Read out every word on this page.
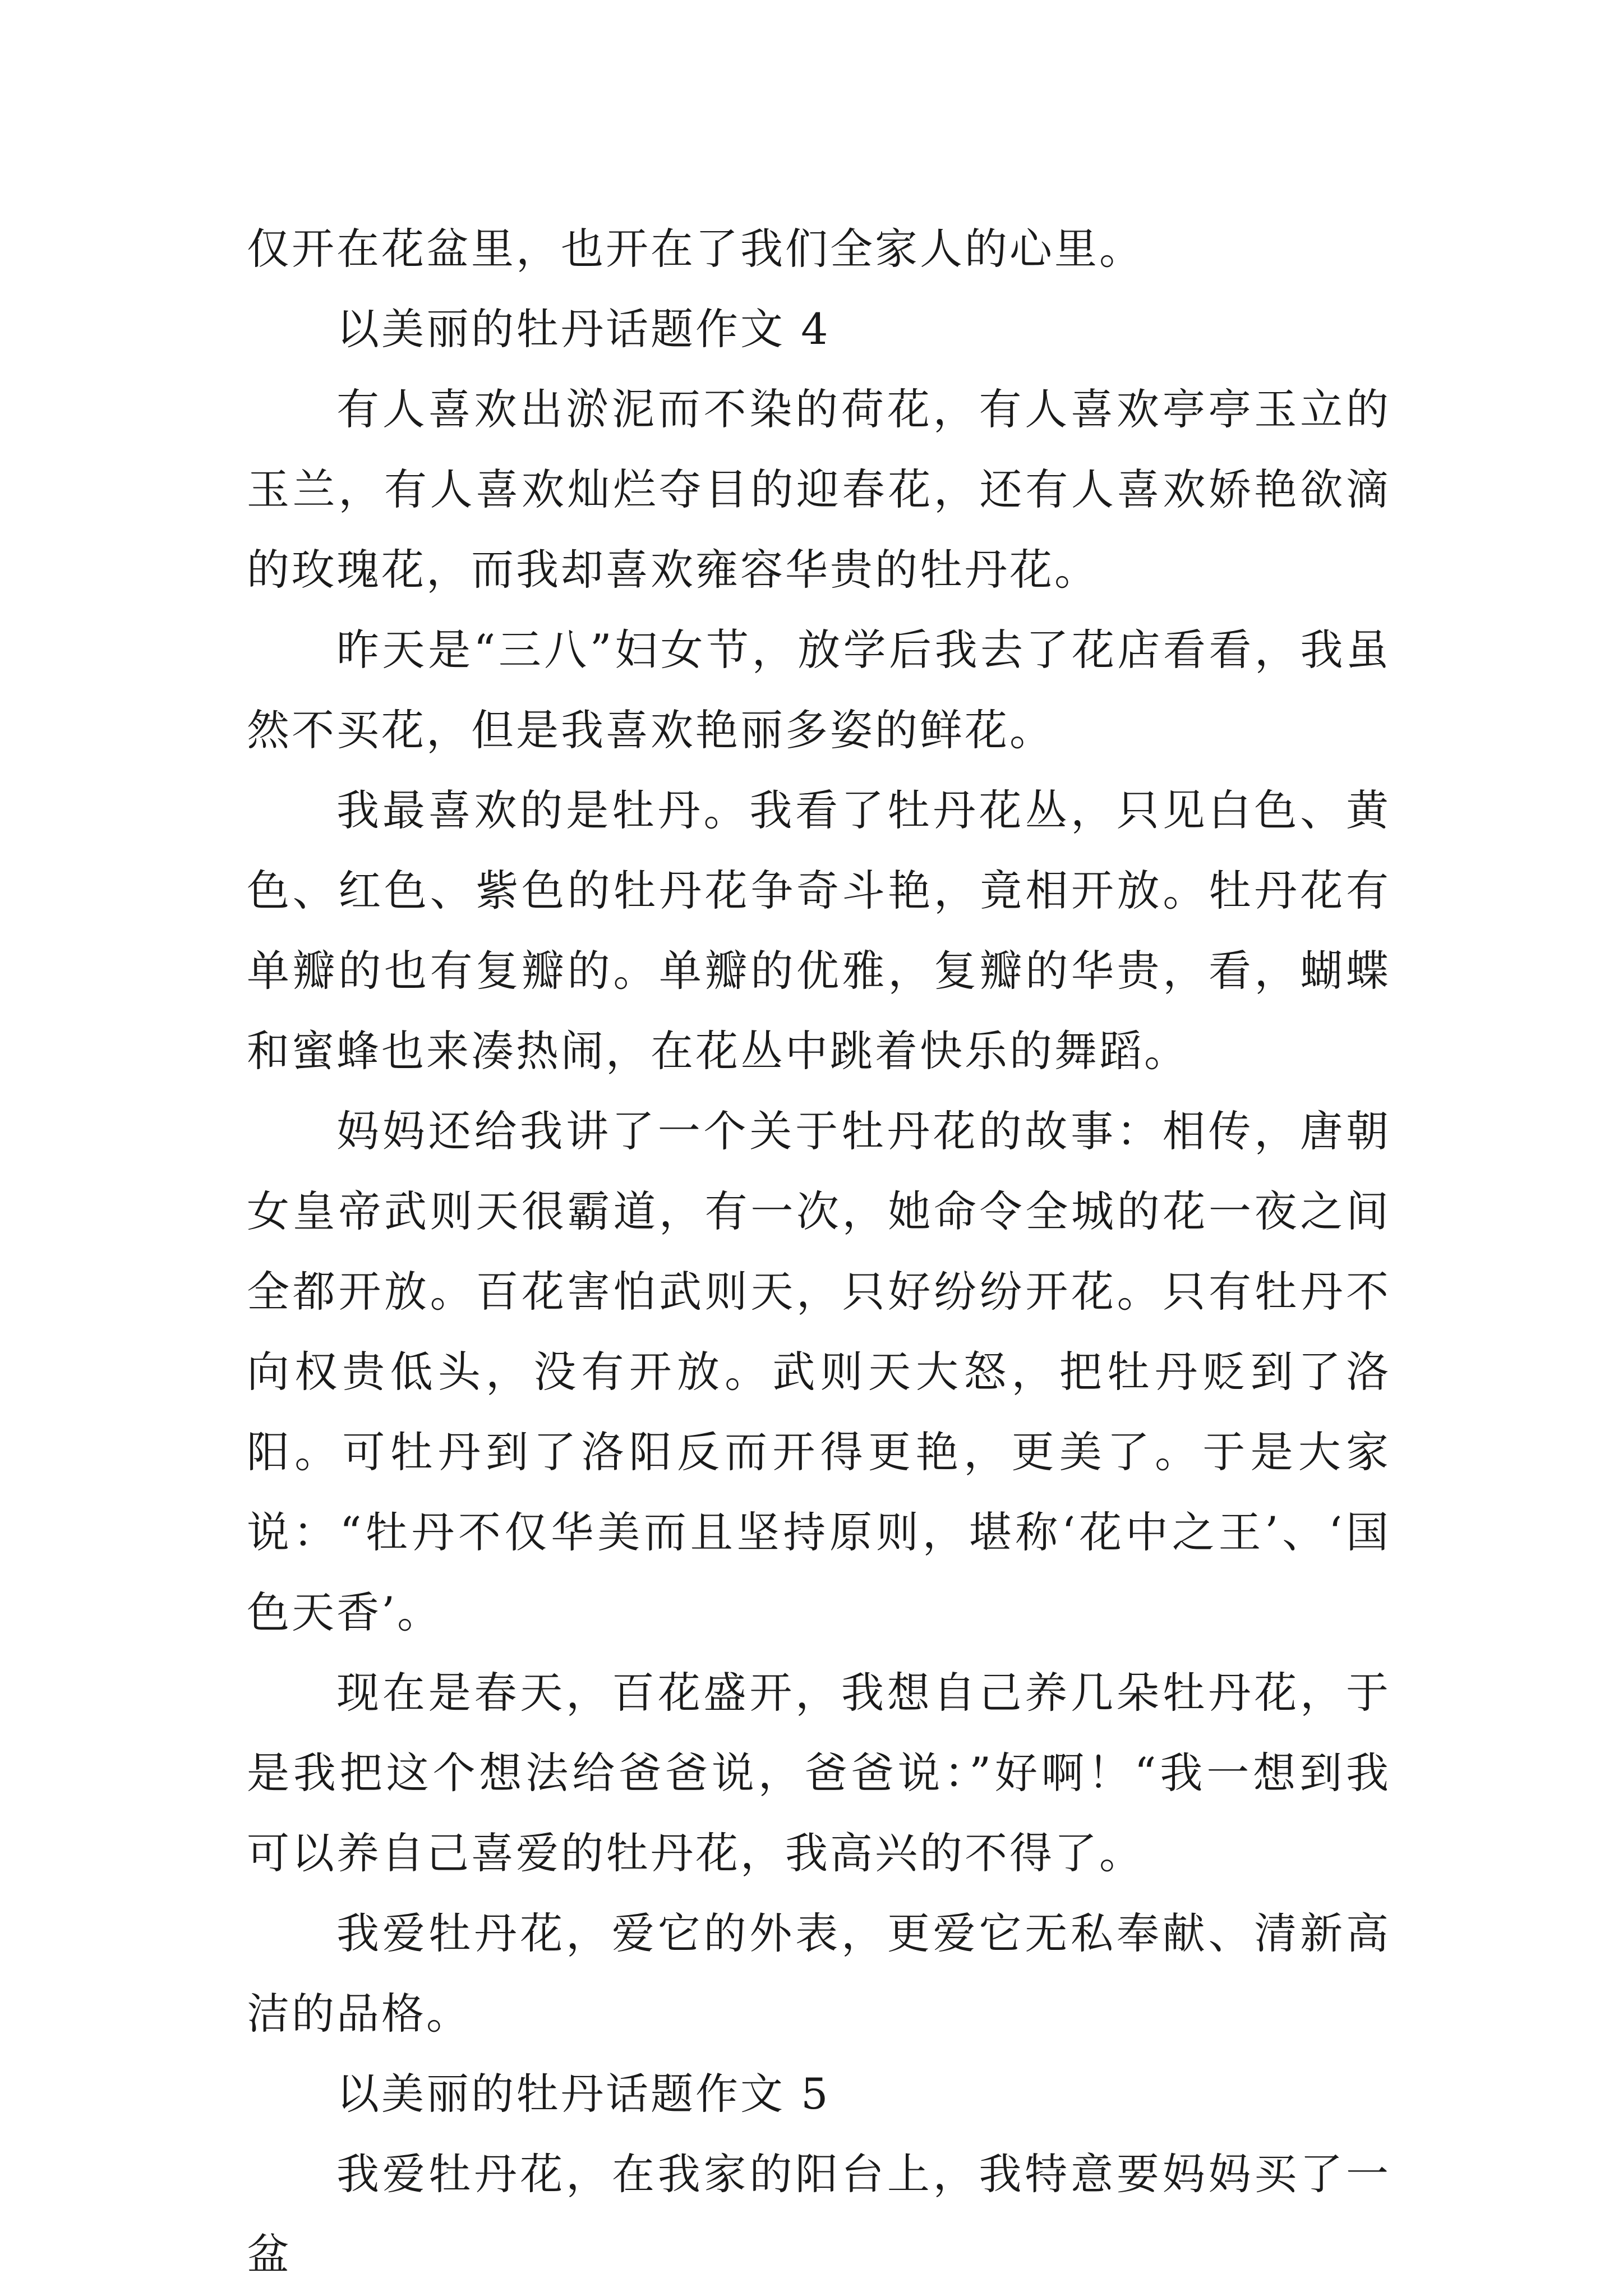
仅开在花盆里，也开在了我们全家人的心里。

以美丽的牡丹话题作文 4

有人喜欢出淤泥而不染的荷花，有人喜欢亭亭玉立的玉兰，有人喜欢灿烂夺目的迎春花，还有人喜欢娇艳欲滴的玫瑰花，而我却喜欢雍容华贵的牡丹花。

昨天是“三八”妇女节，放学后我去了花店看看，我虽然不买花，但是我喜欢艳丽多姿的鲜花。

我最喜欢的是牡丹。我看了牡丹花丛，只见白色、黄色、红色、紫色的牡丹花争奇斗艳，竟相开放。牡丹花有单瓣的也有复瓣的。单瓣的优雅，复瓣的华贵，看，蝴蝶和蜜蜂也来凑热闹，在花丛中跳着快乐的舞蹈。

妈妈还给我讲了一个关于牡丹花的故事：相传，唐朝女皇帝武则天很霸道，有一次，她命令全城的花一夜之间全都开放。百花害怕武则天，只好纷纷开花。只有牡丹不向权贵低头，没有开放。武则天大怒，把牡丹贬到了洛阳。可牡丹到了洛阳反而开得更艳，更美了。于是大家说：“牡丹不仅华美而且坚持原则，堪称‘花中之王’、‘国色天香’。

现在是春天，百花盛开，我想自己养几朵牡丹花，于是我把这个想法给爸爸说，爸爸说：”好啊！“我一想到我可以养自己喜爱的牡丹花，我高兴的不得了。

我爱牡丹花，爱它的外表，更爱它无私奉献、清新高洁的品格。

以美丽的牡丹话题作文 5

我爱牡丹花，在我家的阳台上，我特意要妈妈买了一盆
